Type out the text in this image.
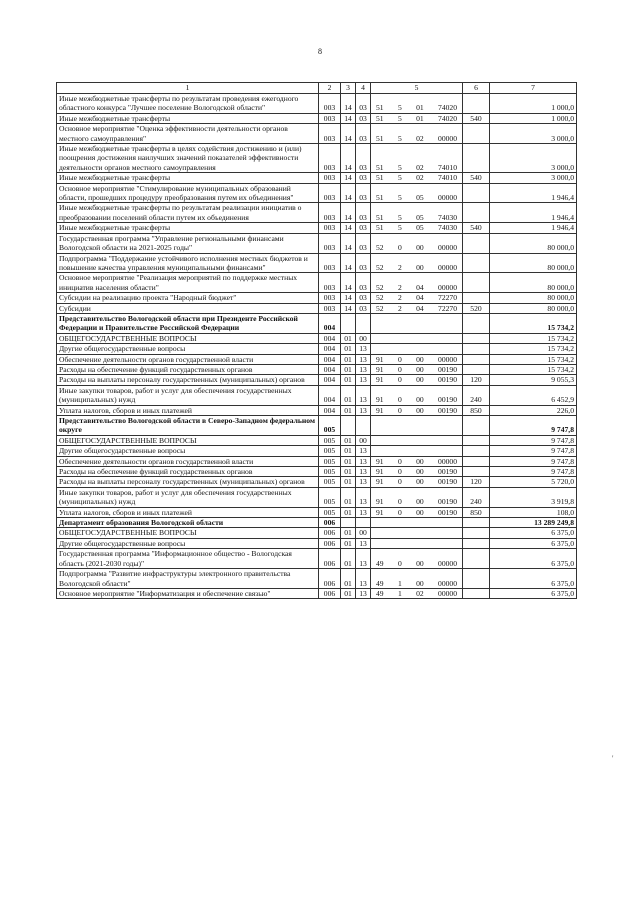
8
1	2	3	4	5	6	7
Иные межбюджетные трансферты по результатам проведения ежегодного областного конкурса "Лучшее поселение Вологодской области"	003	14	03	51 5 01 74020		1 000,0
Иные межбюджетные трансферты	003	14	03	51 5 01 74020	540	1 000,0
Основное мероприятие "Оценка эффективности деятельности органов местного самоуправления"	003	14	03	51 5 02 00000		3 000,0
Иные межбюджетные трансферты в целях содействия достижению и (или) поощрения достижения наилучших значений показателей эффективности деятельности органов местного самоуправления	003	14	03	51 5 02 74010		3 000,0
Иные межбюджетные трансферты	003	14	03	51 5 02 74010	540	3 000,0
Основное мероприятие "Стимулирование муниципальных образований области, прошедших процедуру преобразования путем их объединения"	003	14	03	51 5 05 00000		1 946,4
Иные межбюджетные трансферты по результатам реализации инициатив о преобразовании поселений области путем их объединения	003	14	03	51 5 05 74030		1 946,4
Иные межбюджетные трансферты	003	14	03	51 5 05 74030	540	1 946,4
Государственная программа "Управление региональными финансами Вологодской области на 2021-2025 годы"	003	14	03	52 0 00 00000		80 000,0
Подпрограмма "Поддержание устойчивого исполнения местных бюджетов и повышение качества управления муниципальными финансами"	003	14	03	52 2 00 00000		80 000,0
Основное мероприятие "Реализация мероприятий по поддержке местных инициатив населения области"	003	14	03	52 2 04 00000		80 000,0
Субсидии на реализацию проекта "Народный бюджет"	003	14	03	52 2 04 72270		80 000,0
Субсидии	003	14	03	52 2 04 72270	520	80 000,0
Представительство Вологодской области при Президенте Российской Федерации и Правительстве Российской Федерации	004					15 734,2
ОБЩЕГОСУДАРСТВЕННЫЕ ВОПРОСЫ	004	01	00			15 734,2
Другие общегосударственные вопросы	004	01	13			15 734,2
Обеспечение деятельности органов государственной власти	004	01	13	91 0 00 00000		15 734,2
Расходы на обеспечение функций государственных органов	004	01	13	91 0 00 00190		15 734,2
Расходы на выплаты персоналу государственных (муниципальных) органов	004	01	13	91 0 00 00190	120	9 055,3
Иные закупки товаров, работ и услуг для обеспечения государственных (муниципальных) нужд	004	01	13	91 0 00 00190	240	6 452,9
Уплата налогов, сборов и иных платежей	004	01	13	91 0 00 00190	850	226,0
Представительство Вологодской области в Северо-Западном федеральном округе	005					9 747,8
ОБЩЕГОСУДАРСТВЕННЫЕ ВОПРОСЫ	005	01	00			9 747,8
Другие общегосударственные вопросы	005	01	13			9 747,8
Обеспечение деятельности органов государственной власти	005	01	13	91 0 00 00000		9 747,8
Расходы на обеспечение функций государственных органов	005	01	13	91 0 00 00190		9 747,8
Расходы на выплаты персоналу государственных (муниципальных) органов	005	01	13	91 0 00 00190	120	5 720,0
Иные закупки товаров, работ и услуг для обеспечения государственных (муниципальных) нужд	005	01	13	91 0 00 00190	240	3 919,8
Уплата налогов, сборов и иных платежей	005	01	13	91 0 00 00190	850	108,0
Департамент образования Вологодской области	006					13 289 249,8
ОБЩЕГОСУДАРСТВЕННЫЕ ВОПРОСЫ	006	01	00			6 375,0
Другие общегосударственные вопросы	006	01	13			6 375,0
Государственная программа "Информационное общество - Вологодская область (2021-2030 годы)"	006	01	13	49 0 00 00000		6 375,0
Подпрограмма "Развитие инфраструктуры электронного правительства Вологодской области"	006	01	13	49 1 00 00000		6 375,0
Основное мероприятие "Информатизация и обеспечение связью"	006	01	13	49 1 02 00000		6 375,0
'
